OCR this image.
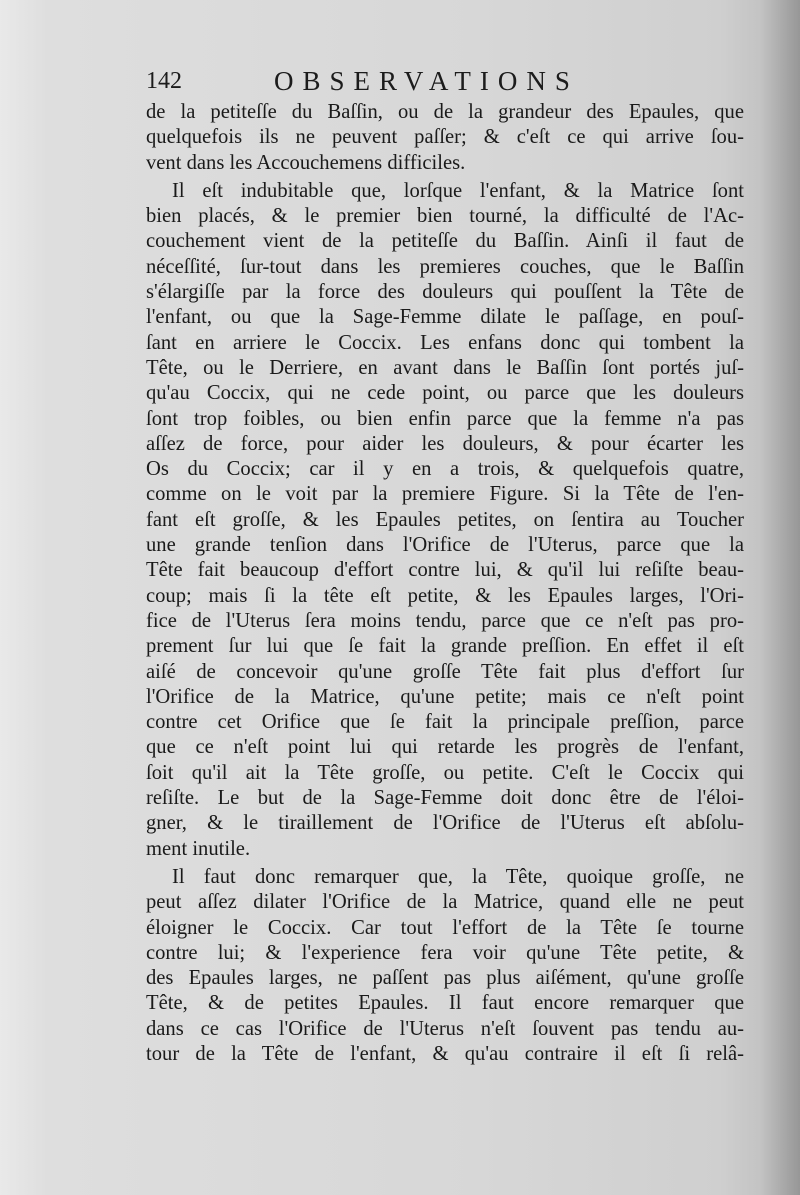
142	OBSERVATIONS
de la petiteſſe du Baſſin, ou de la grandeur des Epaules, que
quelquefois ils ne peuvent paſſer; & c'eſt ce qui arrive ſou-
vent dans les Accouchemens difficiles.
Il eſt indubitable que, lorſque l'enfant, & la Matrice ſont
bien placés, & le premier bien tourné, la difficulté de l'Ac-
couchement vient de la petiteſſe du Baſſin. Ainſi il faut de
néceſſité, ſur-tout dans les premieres couches, que le Baſſin
s'élargiſſe par la force des douleurs qui pouſſent la Tête de
l'enfant, ou que la Sage-Femme dilate le paſſage, en pouſ-
ſant en arriere le Coccix. Les enfans donc qui tombent la
Tête, ou le Derriere, en avant dans le Baſſin ſont portés juſ-
qu'au Coccix, qui ne cede point, ou parce que les douleurs
ſont trop foibles, ou bien enfin parce que la femme n'a pas
aſſez de force, pour aider les douleurs, & pour écarter les
Os du Coccix; car il y en a trois, & quelquefois quatre,
comme on le voit par la premiere Figure. Si la Tête de l'en-
fant eſt groſſe, & les Epaules petites, on ſentira au Toucher
une grande tenſion dans l'Orifice de l'Uterus, parce que la
Tête fait beaucoup d'effort contre lui, & qu'il lui reſiſte beau-
coup; mais ſi la tête eſt petite, & les Epaules larges, l'Ori-
fice de l'Uterus ſera moins tendu, parce que ce n'eſt pas pro-
prement ſur lui que ſe fait la grande preſſion. En effet il eſt
aiſé de concevoir qu'une groſſe Tête fait plus d'effort ſur
l'Orifice de la Matrice, qu'une petite; mais ce n'eſt point
contre cet Orifice que ſe fait la principale preſſion, parce
que ce n'eſt point lui qui retarde les progrès de l'enfant,
ſoit qu'il ait la Tête groſſe, ou petite. C'eſt le Coccix qui
reſiſte. Le but de la Sage-Femme doit donc être de l'éloi-
gner, & le tiraillement de l'Orifice de l'Uterus eſt abſolu-
ment inutile.
Il faut donc remarquer que, la Tête, quoique groſſe, ne
peut aſſez dilater l'Orifice de la Matrice, quand elle ne peut
éloigner le Coccix. Car tout l'effort de la Tête ſe tourne
contre lui; & l'experience fera voir qu'une Tête petite, &
des Epaules larges, ne paſſent pas plus aiſément, qu'une groſſe
Tête, & de petites Epaules. Il faut encore remarquer que
dans ce cas l'Orifice de l'Uterus n'eſt ſouvent pas tendu au-
tour de la Tête de l'enfant, & qu'au contraire il eſt ſi relâ-
